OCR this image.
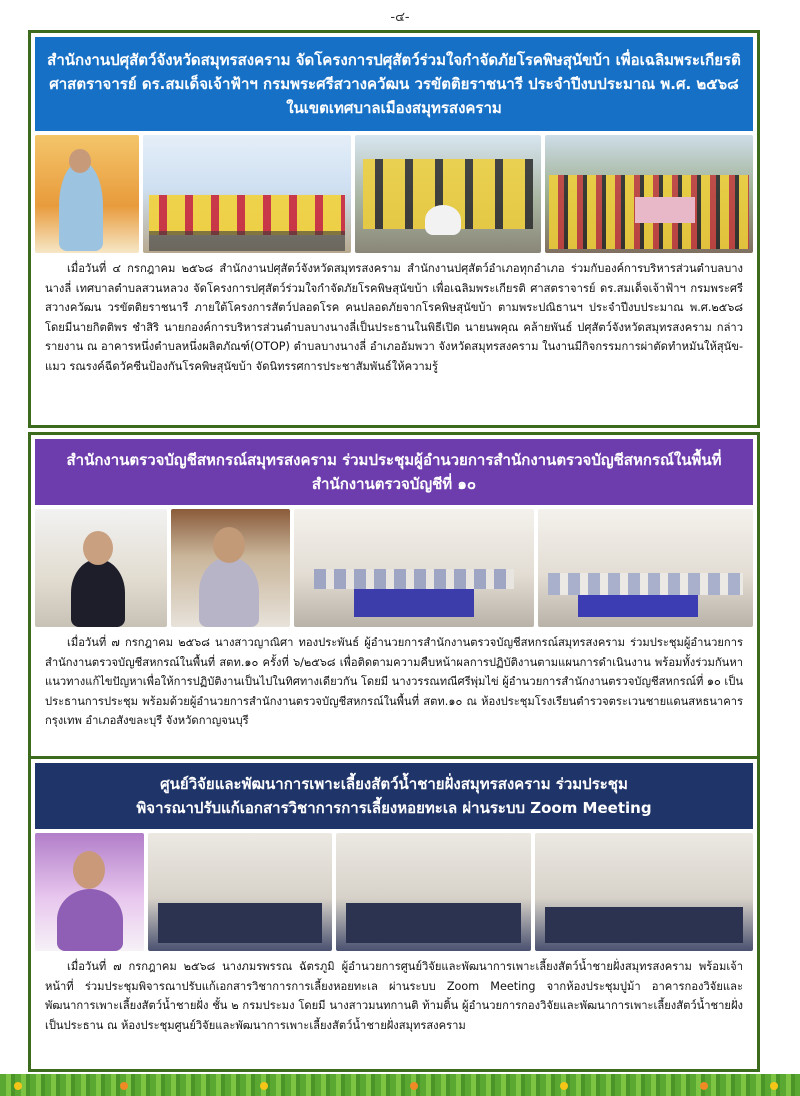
-๔-
สำนักงานปศุสัตว์จังหวัดสมุทรสงคราม จัดโครงการปศุสัตว์ร่วมใจกำจัดภัยโรคพิษสุนัขบ้า เพื่อเฉลิมพระเกียรติ
ศาสตราจารย์ ดร.สมเด็จเจ้าฟ้าฯ กรมพระศรีสวางควัฒน วรขัตติยราชนารี ประจำปีงบประมาณ พ.ศ. ๒๕๖๘
ในเขตเทศบาลเมืองสมุทรสงคราม

เมื่อวันที่ ๔ กรกฎาคม ๒๕๖๘ สำนักงานปศุสัตว์จังหวัดสมุทรสงคราม สำนักงานปศุสัตว์อำเภอทุกอำเภอ ร่วมกับองค์การบริหารส่วนตำบลบางนางลี่ เทศบาลตำบลสวนหลวง จัดโครงการปศุสัตว์ร่วมใจกำจัดภัยโรคพิษสุนัขบ้า เพื่อเฉลิมพระเกียรติ ศาสตราจารย์ ดร.สมเด็จเจ้าฟ้าฯ กรมพระศรีสวางควัฒน วรขัตติยราชนารี ภายใต้โครงการสัตว์ปลอดโรค คนปลอดภัยจากโรคพิษสุนัขบ้า ตามพระปณิธานฯ ประจำปีงบประมาณ พ.ศ.๒๕๖๘ โดยมีนายกิตติพร ชำสิริ นายกองค์การบริหารส่วนตำบลบางนางลี่เป็นประธานในพิธีเปิด นายนพคุณ คล้ายพันธ์ ปศุสัตว์จังหวัดสมุทรสงคราม กล่าวรายงาน ณ อาคารหนึ่งตำบลหนึ่งผลิตภัณฑ์(OTOP) ตำบลบางนางลี่ อำเภออัมพวา จังหวัดสมุทรสงคราม ในงานมีกิจกรรมการผ่าตัดทำหมันให้สุนัข-แมว รณรงค์ฉีดวัคซีนป้องกันโรคพิษสุนัขบ้า จัดนิทรรศการประชาสัมพันธ์ให้ความรู้

สำนักงานตรวจบัญชีสหกรณ์สมุทรสงคราม ร่วมประชุมผู้อำนวยการสำนักงานตรวจบัญชีสหกรณ์ในพื้นที่
สำนักงานตรวจบัญชีที่ ๑๐

เมื่อวันที่ ๗ กรกฎาคม ๒๕๖๘ นางสาวญาณิศา ทองประพันธ์ ผู้อำนวยการสำนักงานตรวจบัญชีสหกรณ์สมุทรสงคราม ร่วมประชุมผู้อำนวยการสำนักงานตรวจบัญชีสหกรณ์ในพื้นที่ สตท.๑๐ ครั้งที่ ๖/๒๕๖๘ เพื่อติดตามความคืบหน้าผลการปฏิบัติงานตามแผนการดำเนินงาน พร้อมทั้งร่วมกันหาแนวทางแก้ไขปัญหาเพื่อให้การปฏิบัติงานเป็นไปในทิศทางเดียวกัน โดยมี นางวรรณทณีศรีพุ่มไข่ ผู้อำนวยการสำนักงานตรวจบัญชีสหกรณ์ที่ ๑๐ เป็นประธานการประชุม พร้อมด้วยผู้อำนวยการสำนักงานตรวจบัญชีสหกรณ์ในพื้นที่ สตท.๑๐ ณ ห้องประชุมโรงเรียนตำรวจตระเวนชายแดนสหธนาคารกรุงเทพ อำเภอสังขละบุรี จังหวัดกาญจนบุรี

ศูนย์วิจัยและพัฒนาการเพาะเลี้ยงสัตว์น้ำชายฝั่งสมุทรสงคราม ร่วมประชุม
พิจารณาปรับแก้เอกสารวิชาการการเลี้ยงหอยทะเล ผ่านระบบ Zoom Meeting

เมื่อวันที่ ๗ กรกฎาคม ๒๕๖๘ นางภมรพรรณ ฉัตรภูมิ ผู้อำนวยการศูนย์วิจัยและพัฒนาการเพาะเลี้ยงสัตว์น้ำชายฝั่งสมุทรสงคราม พร้อมเจ้าหน้าที่ ร่วมประชุมพิจารณาปรับแก้เอกสารวิชาการการเลี้ยงหอยทะเล ผ่านระบบ Zoom Meeting จากห้องประชุมปูม้า อาคารกองวิจัยและพัฒนาการเพาะเลี้ยงสัตว์น้ำชายฝั่ง ชั้น ๒ กรมประมง โดยมี นางสาวมนทกานติ ท้ามติ้น ผู้อำนวยการกองวิจัยและพัฒนาการเพาะเลี้ยงสัตว์น้ำชายฝั่ง เป็นประธาน ณ ห้องประชุมศูนย์วิจัยและพัฒนาการเพาะเลี้ยงสัตว์น้ำชายฝั่งสมุทรสงคราม
